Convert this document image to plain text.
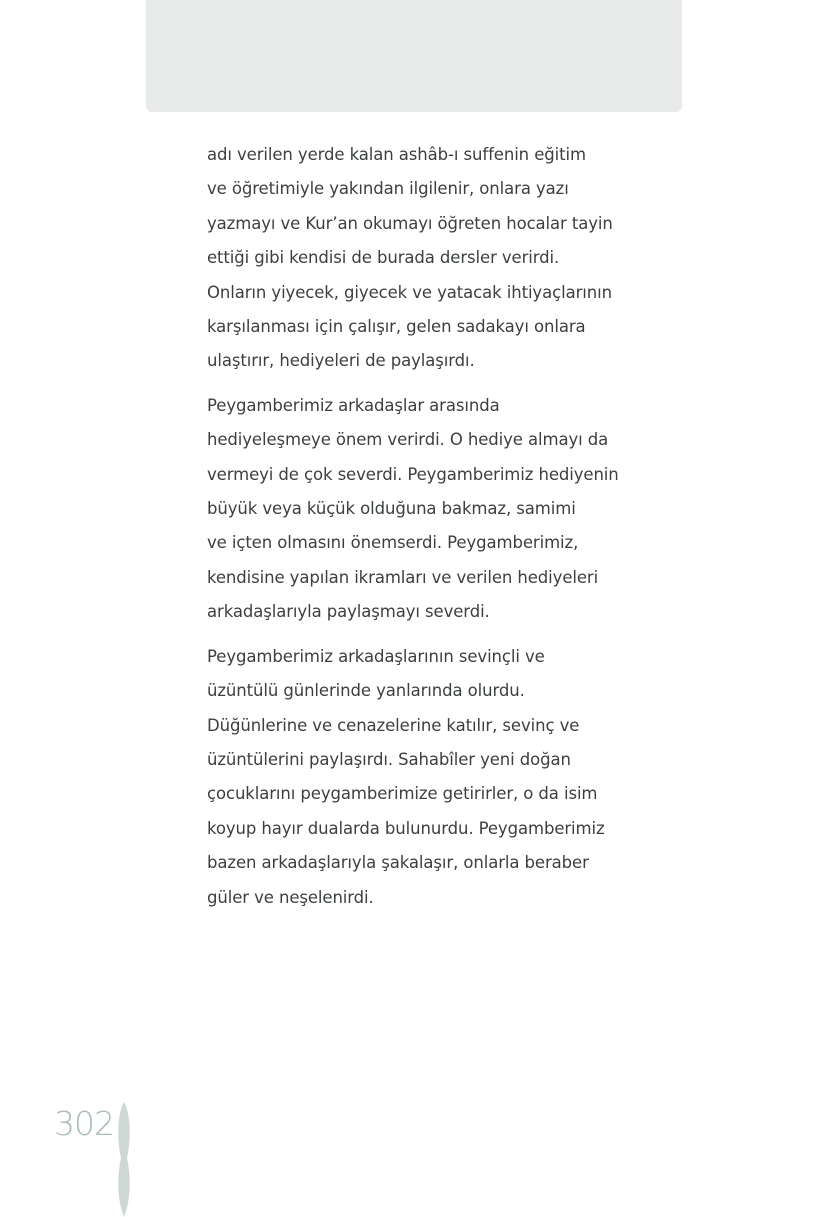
adı verilen yerde kalan ashâb-ı suffenin eğitim
ve öğretimiyle yakından ilgilenir, onlara yazı
yazmayı ve Kur’an okumayı öğreten hocalar tayin
ettiği gibi kendisi de burada dersler verirdi.
Onların yiyecek, giyecek ve yatacak ihtiyaçlarının
karşılanması için çalışır, gelen sadakayı onlara
ulaştırır, hediyeleri de paylaşırdı.

Peygamberimiz arkadaşlar arasında
hediyeleşmeye önem verirdi. O hediye almayı da
vermeyi de çok severdi. Peygamberimiz hediyenin
büyük veya küçük olduğuna bakmaz, samimi
ve içten olmasını önemserdi. Peygamberimiz,
kendisine yapılan ikramları ve verilen hediyeleri
arkadaşlarıyla paylaşmayı severdi.

Peygamberimiz arkadaşlarının sevinçli ve
üzüntülü günlerinde yanlarında olurdu.
Düğünlerine ve cenazelerine katılır, sevinç ve
üzüntülerini paylaşırdı. Sahabîler yeni doğan
çocuklarını peygamberimize getirirler, o da isim
koyup hayır dualarda bulunurdu. Peygamberimiz
bazen arkadaşlarıyla şakalaşır, onlarla beraber
güler ve neşelenirdi.

302
